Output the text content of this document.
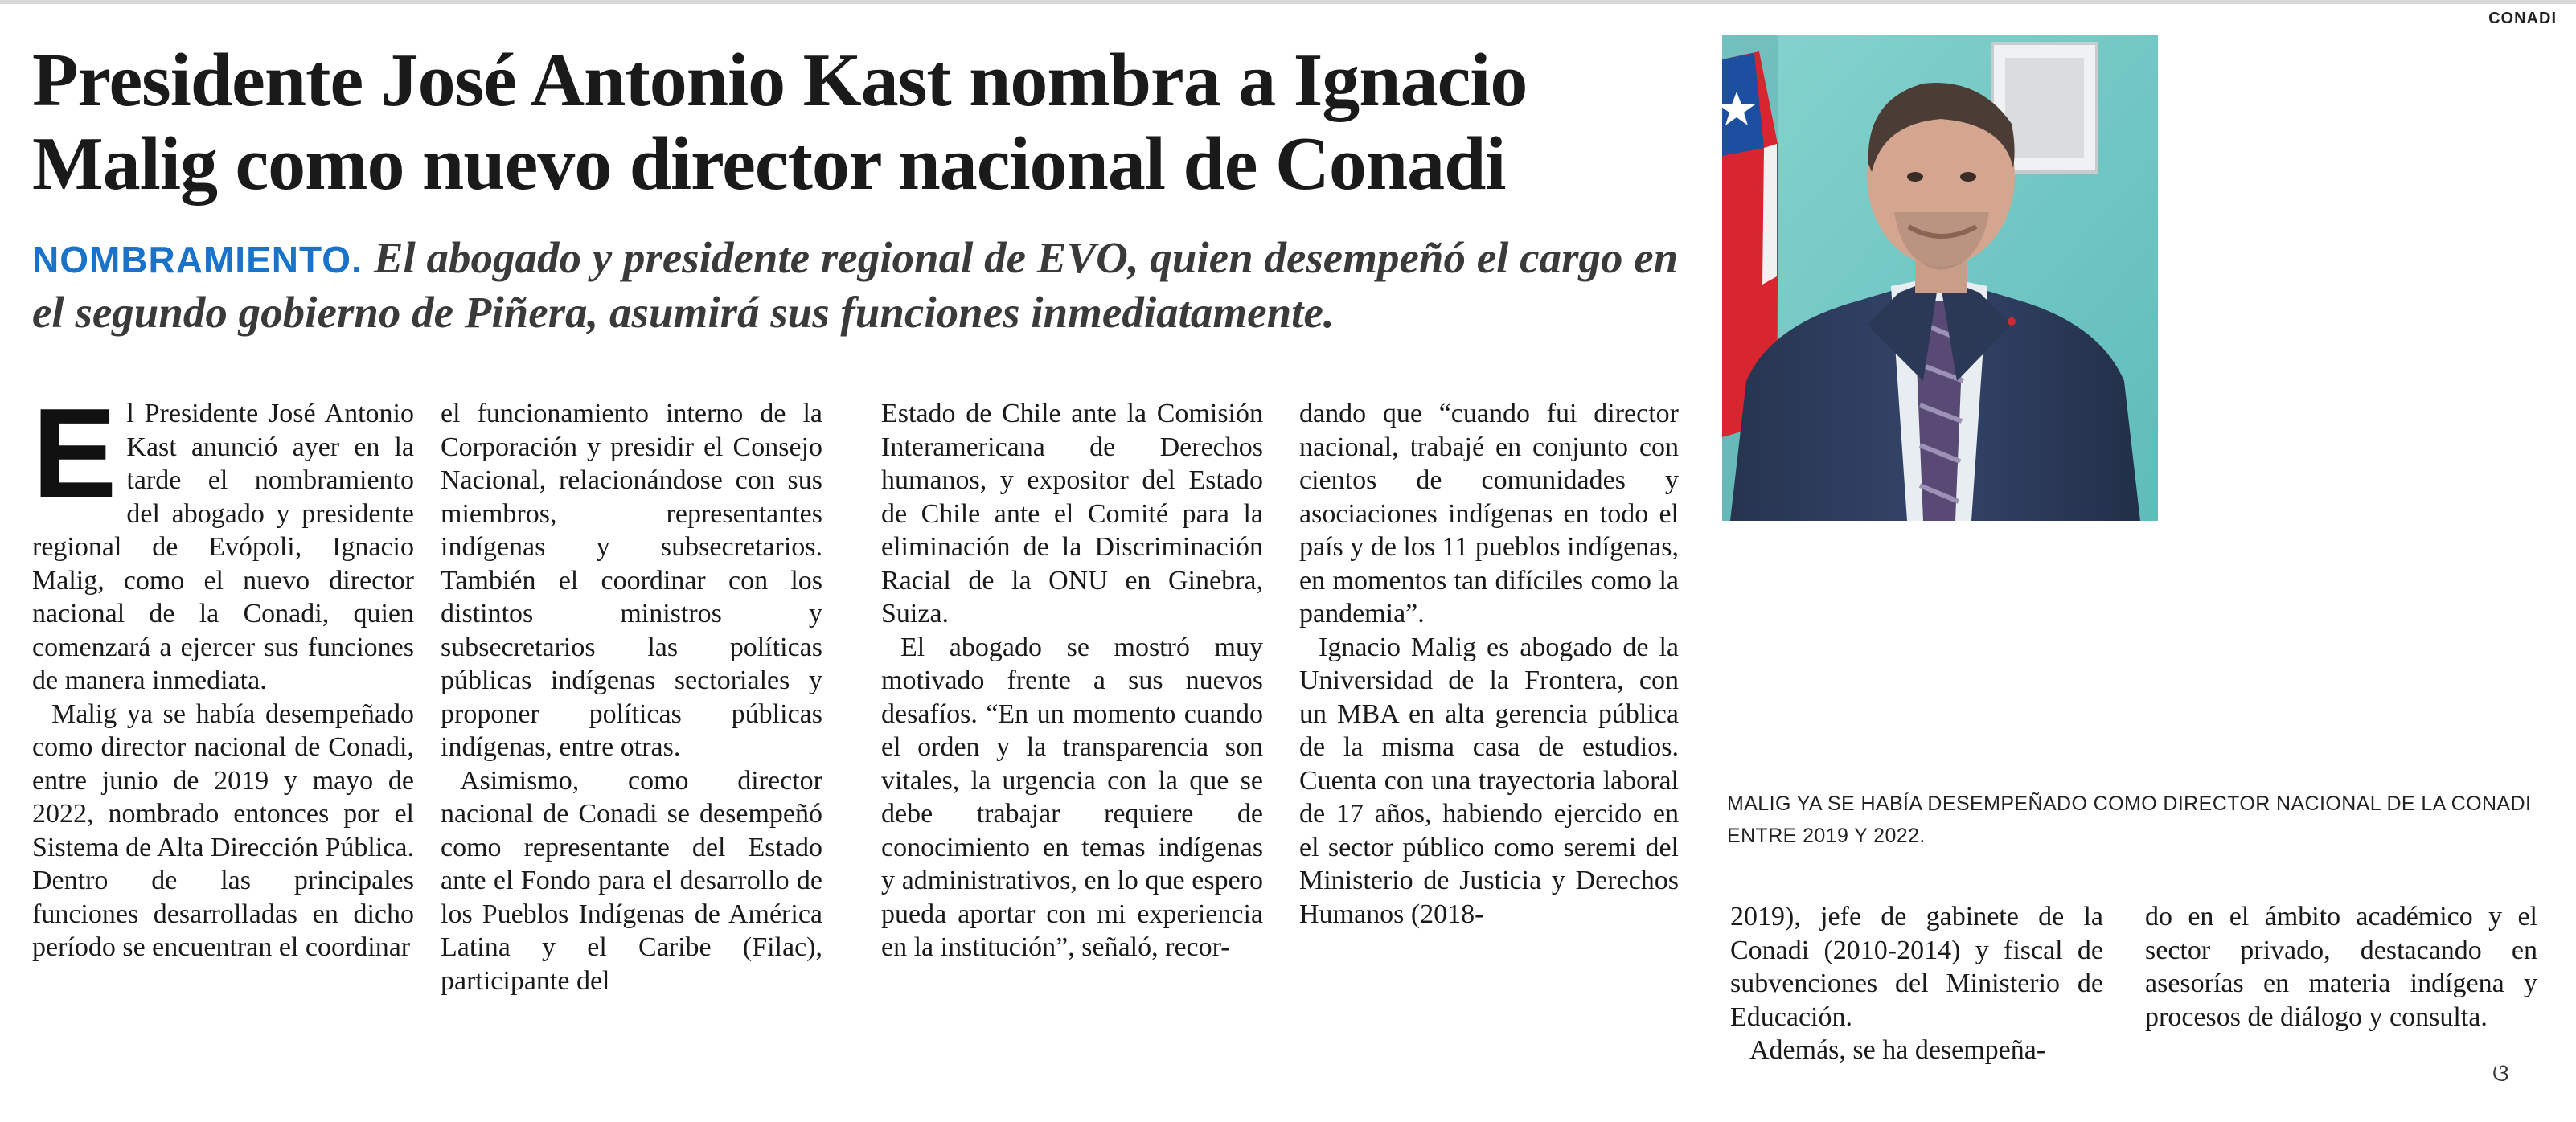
CONADI
Presidente José Antonio Kast nombra a Ignacio Malig como nuevo director nacional de Conadi

NOMBRAMIENTO. El abogado y presidente regional de EVO, quien desempeñó el cargo en el segundo gobierno de Piñera, asumirá sus funciones inmediatamente.

El Presidente José Antonio Kast anunció ayer en la tarde el nombramiento del abogado y presidente regional de Evópoli, Ignacio Malig, como el nuevo director nacional de la Conadi, quien comenzará a ejercer sus funciones de manera inmediata.

Malig ya se había desempeñado como director nacional de Conadi, entre junio de 2019 y mayo de 2022, nombrado entonces por el Sistema de Alta Dirección Pública. Dentro de las principales funciones desarrolladas en dicho período se encuentran el coordinar

el funcionamiento interno de la Corporación y presidir el Consejo Nacional, relacionándose con sus miembros, representantes indígenas y subsecretarios. También el coordinar con los distintos ministros y subsecretarios las políticas públicas indígenas sectoriales y proponer políticas públicas indígenas, entre otras.

Asimismo, como director nacional de Conadi se desempeñó como representante del Estado ante el Fondo para el desarrollo de los Pueblos Indígenas de América Latina y el Caribe (Filac), participante del

Estado de Chile ante la Comisión Interamericana de Derechos humanos, y expositor del Estado de Chile ante el Comité para la eliminación de la Discriminación Racial de la ONU en Ginebra, Suiza.

El abogado se mostró muy motivado frente a sus nuevos desafíos. “En un momento cuando el orden y la transparencia son vitales, la urgencia con la que se debe trabajar requiere de conocimiento en temas indígenas y administrativos, en lo que espero pueda aportar con mi experiencia en la institución”, señaló, recor-

dando que “cuando fui director nacional, trabajé en conjunto con cientos de comunidades y asociaciones indígenas en todo el país y de los 11 pueblos indígenas, en momentos tan difíciles como la pandemia”.

Ignacio Malig es abogado de la Universidad de la Frontera, con un MBA en alta gerencia pública de la misma casa de estudios. Cuenta con una trayectoria laboral de 17 años, habiendo ejercido en el sector público como seremi del Ministerio de Justicia y Derechos Humanos (2018-

MALIG YA SE HABÍA DESEMPEÑADO COMO DIRECTOR NACIONAL DE LA CONADI ENTRE 2019 Y 2022.

2019), jefe de gabinete de la Conadi (2010-2014) y fiscal de subvenciones del Ministerio de Educación.

Además, se ha desempeña-

do en el ámbito académico y el sector privado, destacando en asesorías en materia indígena y procesos de diálogo y consulta.

ଓ
